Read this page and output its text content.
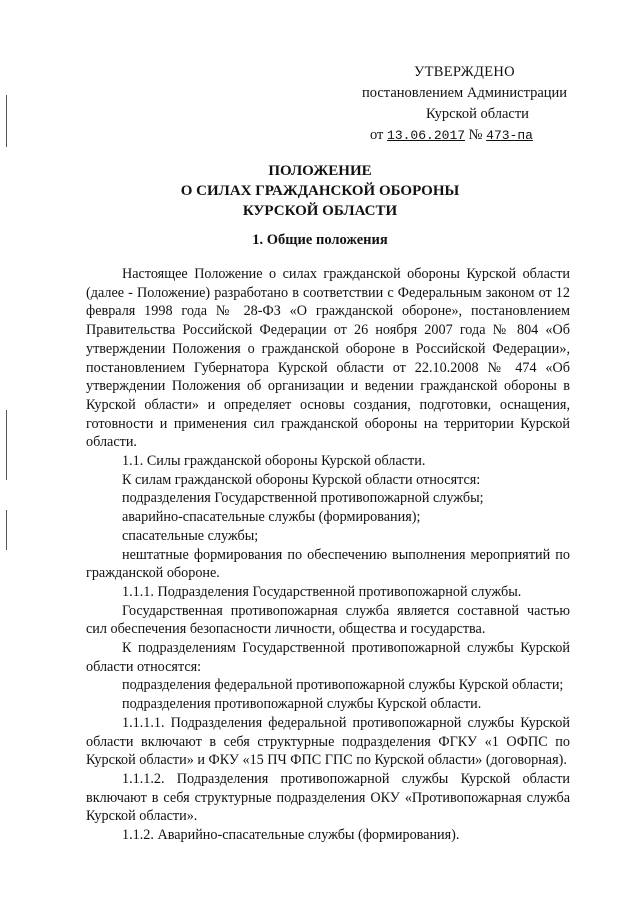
УТВЕРЖДЕНО
постановлением Администрации
Курской области
от 13.06.2017 № 473-па
ПОЛОЖЕНИЕ
О СИЛАХ ГРАЖДАНСКОЙ ОБОРОНЫ
КУРСКОЙ ОБЛАСТИ
1. Общие положения

Настоящее Положение о силах гражданской обороны Курской области (далее - Положение) разработано в соответствии с Федеральным законом от 12 февраля 1998 года № 28-ФЗ «О гражданской обороне», постановлением Правительства Российской Федерации от 26 ноября 2007 года № 804 «Об утверждении Положения о гражданской обороне в Российской Федерации», постановлением Губернатора Курской области от 22.10.2008 № 474 «Об утверждении Положения об организации и ведении гражданской обороны в Курской области» и определяет основы создания, подготовки, оснащения, готовности и применения сил гражданской обороны на территории Курской области.

1.1. Силы гражданской обороны Курской области.

К силам гражданской обороны Курской области относятся:

подразделения Государственной противопожарной службы;

аварийно-спасательные службы (формирования);

спасательные службы;

нештатные формирования по обеспечению выполнения мероприятий по гражданской обороне.

1.1.1. Подразделения Государственной противопожарной службы.

Государственная противопожарная служба является составной частью сил обеспечения безопасности личности, общества и государства.

К подразделениям Государственной противопожарной службы Курской области относятся:

подразделения федеральной противопожарной службы Курской области;

подразделения противопожарной службы Курской области.

1.1.1.1. Подразделения федеральной противопожарной службы Курской области включают в себя структурные подразделения ФГКУ «1 ОФПС по Курской области» и ФКУ «15 ПЧ ФПС ГПС по Курской области» (договорная).

1.1.1.2. Подразделения противопожарной службы Курской области включают в себя структурные подразделения ОКУ «Противопожарная служба Курской области».

1.1.2. Аварийно-спасательные службы (формирования).
